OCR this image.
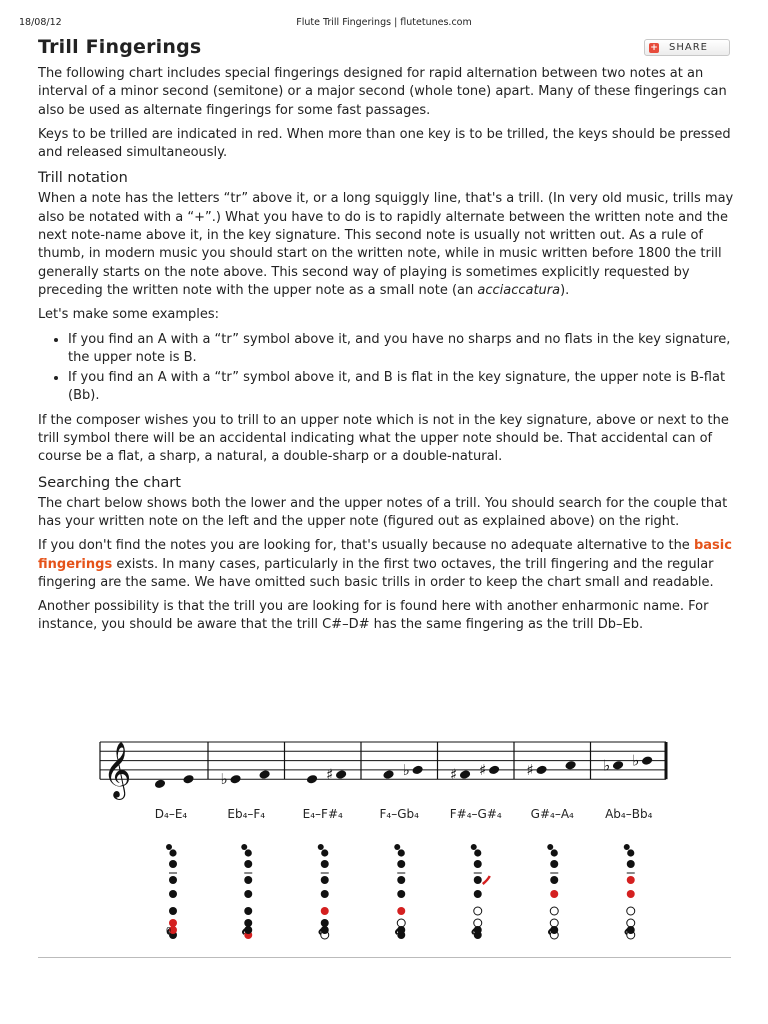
18/08/12	Flute Trill Fingerings | flutetunes.com
+ SHARE
Trill Fingerings

The following chart includes special fingerings designed for rapid alternation between two notes at an interval of a minor second (semitone) or a major second (whole tone) apart. Many of these fingerings can also be used as alternate fingerings for some fast passages.

Keys to be trilled are indicated in red. When more than one key is to be trilled, the keys should be pressed and released simultaneously.

Trill notation

When a note has the letters “tr” above it, or a long squiggly line, that's a trill. (In very old music, trills may also be notated with a “+”.) What you have to do is to rapidly alternate between the written note and the next note-name above it, in the key signature. This second note is usually not written out. As a rule of thumb, in modern music you should start on the written note, while in music written before 1800 the trill generally starts on the note above. This second way of playing is sometimes explicitly requested by preceding the written note with the upper note as a small note (an acciaccatura).

Let's make some examples:

• If you find an A with a “tr” symbol above it, and you have no sharps and no flats in the key signature, the upper note is B.
• If you find an A with a “tr” symbol above it, and B is flat in the key signature, the upper note is B-flat (Bb).

If the composer wishes you to trill to an upper note which is not in the key signature, above or next to the trill symbol there will be an accidental indicating what the upper note should be. That accidental can of course be a flat, a sharp, a natural, a double-sharp or a double-natural.

Searching the chart

The chart below shows both the lower and the upper notes of a trill. You should search for the couple that has your written note on the left and the upper note (figured out as explained above) on the right.

If you don't find the notes you are looking for, that's usually because no adequate alternative to the basic fingerings exists. In many cases, particularly in the first two octaves, the trill fingering and the regular fingering are the same. We have omitted such basic trills in order to keep the chart small and readable.

Another possibility is that the trill you are looking for is found here with another enharmonic name. For instance, you should be aware that the trill C#–D# has the same fingering as the trill Db–Eb.

𝄞
D₄–E₄
0
♭
Eb₄–F₄
♯
E₄–F#₄
♭
F₄–Gb₄
♯ ♯
F#₄–G#₄
♯
G#₄–A₄
♭ ♭
Ab₄–Bb₄
